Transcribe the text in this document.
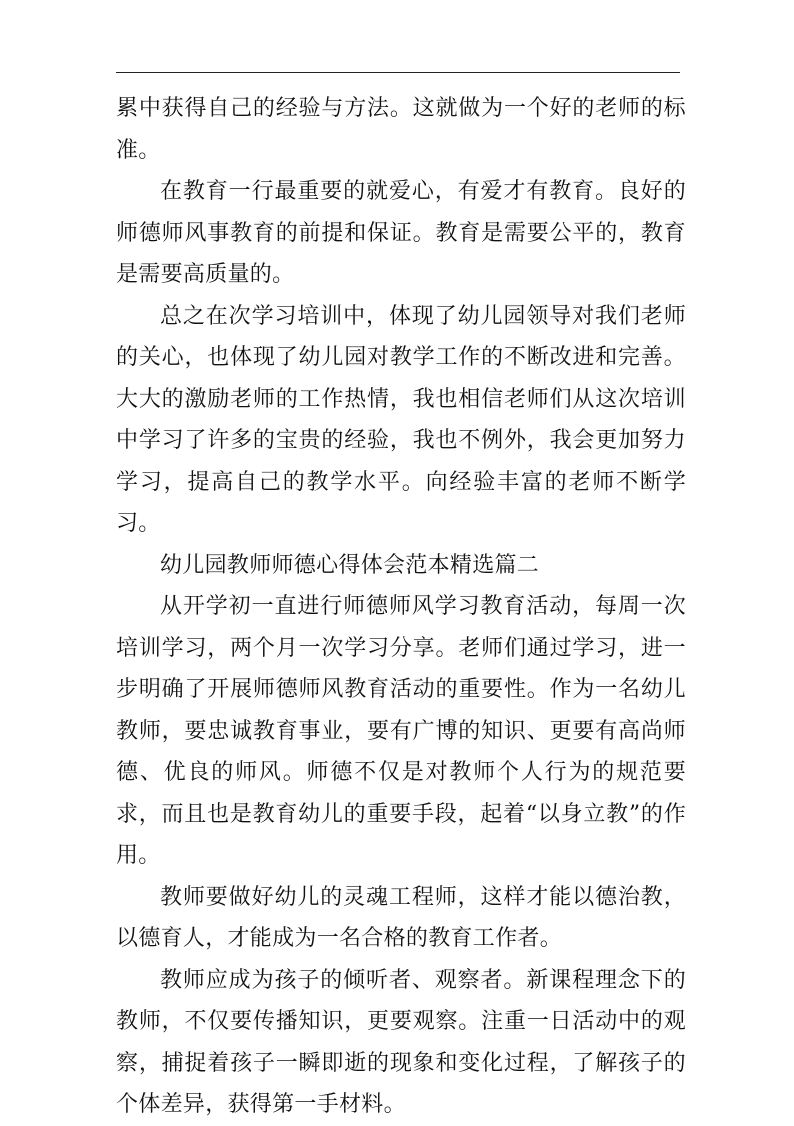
累中获得自己的经验与方法。这就做为一个好的老师的标准。

在教育一行最重要的就爱心，有爱才有教育。良好的师德师风事教育的前提和保证。教育是需要公平的，教育是需要高质量的。

总之在次学习培训中，体现了幼儿园领导对我们老师的关心，也体现了幼儿园对教学工作的不断改进和完善。大大的激励老师的工作热情，我也相信老师们从这次培训中学习了许多的宝贵的经验，我也不例外，我会更加努力学习，提高自己的教学水平。向经验丰富的老师不断学习。

幼儿园教师师德心得体会范本精选篇二

从开学初一直进行师德师风学习教育活动，每周一次培训学习，两个月一次学习分享。老师们通过学习，进一步明确了开展师德师风教育活动的重要性。作为一名幼儿教师，要忠诚教育事业，要有广博的知识、更要有高尚师德、优良的师风。师德不仅是对教师个人行为的规范要求，而且也是教育幼儿的重要手段，起着“以身立教”的作用。

教师要做好幼儿的灵魂工程师，这样才能以德治教，以德育人，才能成为一名合格的教育工作者。

教师应成为孩子的倾听者、观察者。新课程理念下的教师，不仅要传播知识，更要观察。注重一日活动中的观察，捕捉着孩子一瞬即逝的现象和变化过程，了解孩子的个体差异，获得第一手材料。
